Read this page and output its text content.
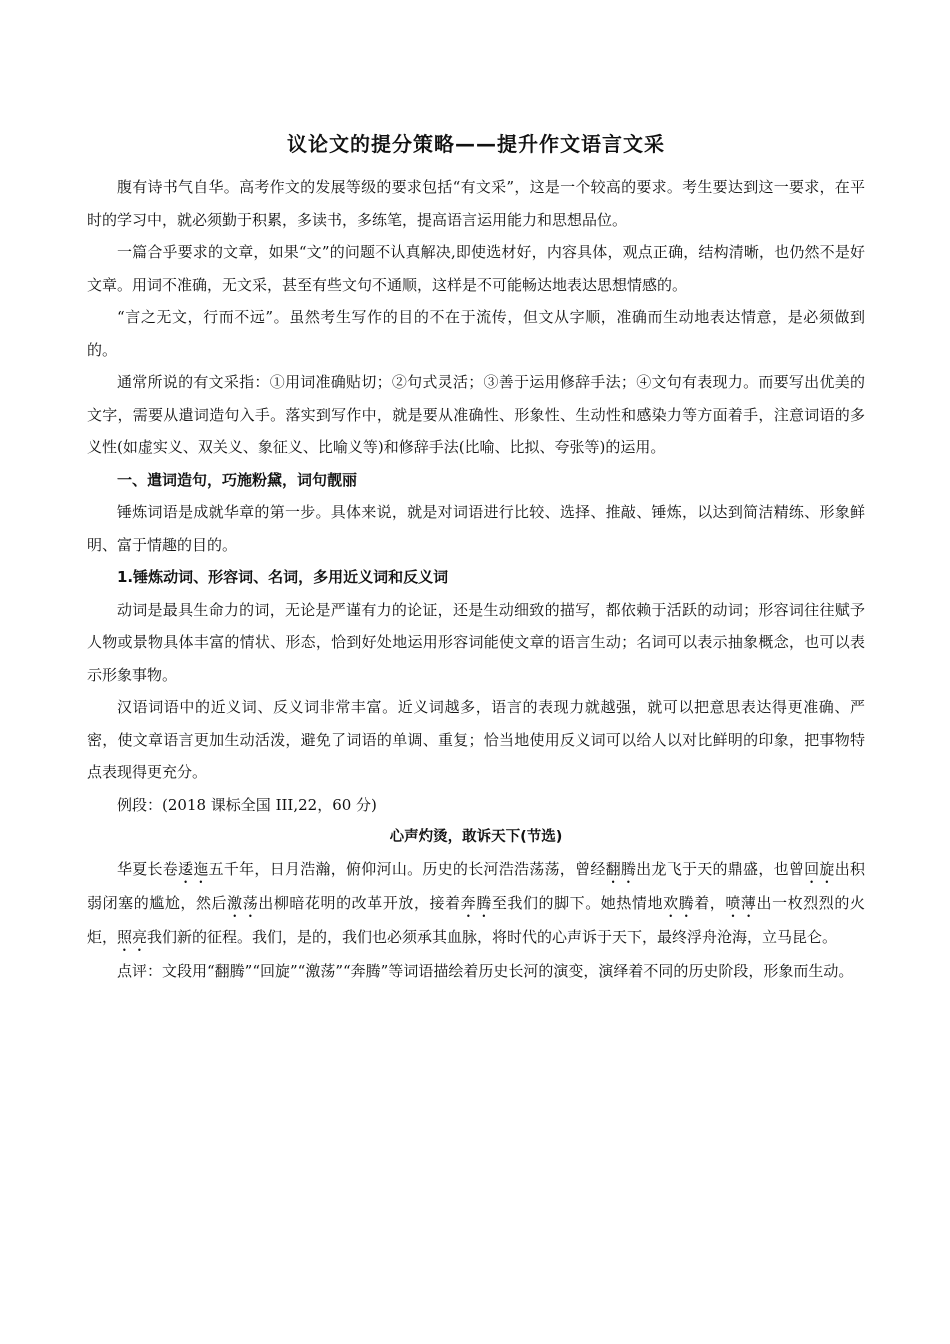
议论文的提分策略——提升作文语言文采

腹有诗书气自华。高考作文的发展等级的要求包括“有文采”，这是一个较高的要求。考生要达到这一要求，在平时的学习中，就必须勤于积累，多读书，多练笔，提高语言运用能力和思想品位。

一篇合乎要求的文章，如果“文”的问题不认真解决,即使选材好，内容具体，观点正确，结构清晰，也仍然不是好文章。用词不准确，无文采，甚至有些文句不通顺，这样是不可能畅达地表达思想情感的。

“言之无文，行而不远”。虽然考生写作的目的不在于流传，但文从字顺，准确而生动地表达情意，是必须做到的。

通常所说的有文采指：①用词准确贴切；②句式灵活；③善于运用修辞手法；④文句有表现力。而要写出优美的文字，需要从遣词造句入手。落实到写作中，就是要从准确性、形象性、生动性和感染力等方面着手，注意词语的多义性(如虚实义、双关义、象征义、比喻义等)和修辞手法(比喻、比拟、夸张等)的运用。

一、遣词造句，巧施粉黛，词句靓丽

锤炼词语是成就华章的第一步。具体来说，就是对词语进行比较、选择、推敲、锤炼，以达到简洁精练、形象鲜明、富于情趣的目的。

1.锤炼动词、形容词、名词，多用近义词和反义词

动词是最具生命力的词，无论是严谨有力的论证，还是生动细致的描写，都依赖于活跃的动词；形容词往往赋予人物或景物具体丰富的情状、形态，恰到好处地运用形容词能使文章的语言生动；名词可以表示抽象概念，也可以表示形象事物。

汉语词语中的近义词、反义词非常丰富。近义词越多，语言的表现力就越强，就可以把意思表达得更准确、严密，使文章语言更加生动活泼，避免了词语的单调、重复；恰当地使用反义词可以给人以对比鲜明的印象，把事物特点表现得更充分。

例段：(2018 课标全国 III,22，60 分)

心声灼烫，敢诉天下(节选)

华夏长卷逶迤五千年，日月浩瀚，俯仰河山。历史的长河浩浩荡荡，曾经翻腾出龙飞于天的鼎盛，也曾回旋出积弱闭塞的尴尬，然后激荡出柳暗花明的改革开放，接着奔腾至我们的脚下。她热情地欢腾着，喷薄出一枚烈烈的火炬，照亮我们新的征程。我们，是的，我们也必须承其血脉，将时代的心声诉于天下，最终浮舟沧海，立马昆仑。

点评：文段用“翻腾”“回旋”“激荡”“奔腾”等词语描绘着历史长河的演变，演绎着不同的历史阶段，形象而生动。
